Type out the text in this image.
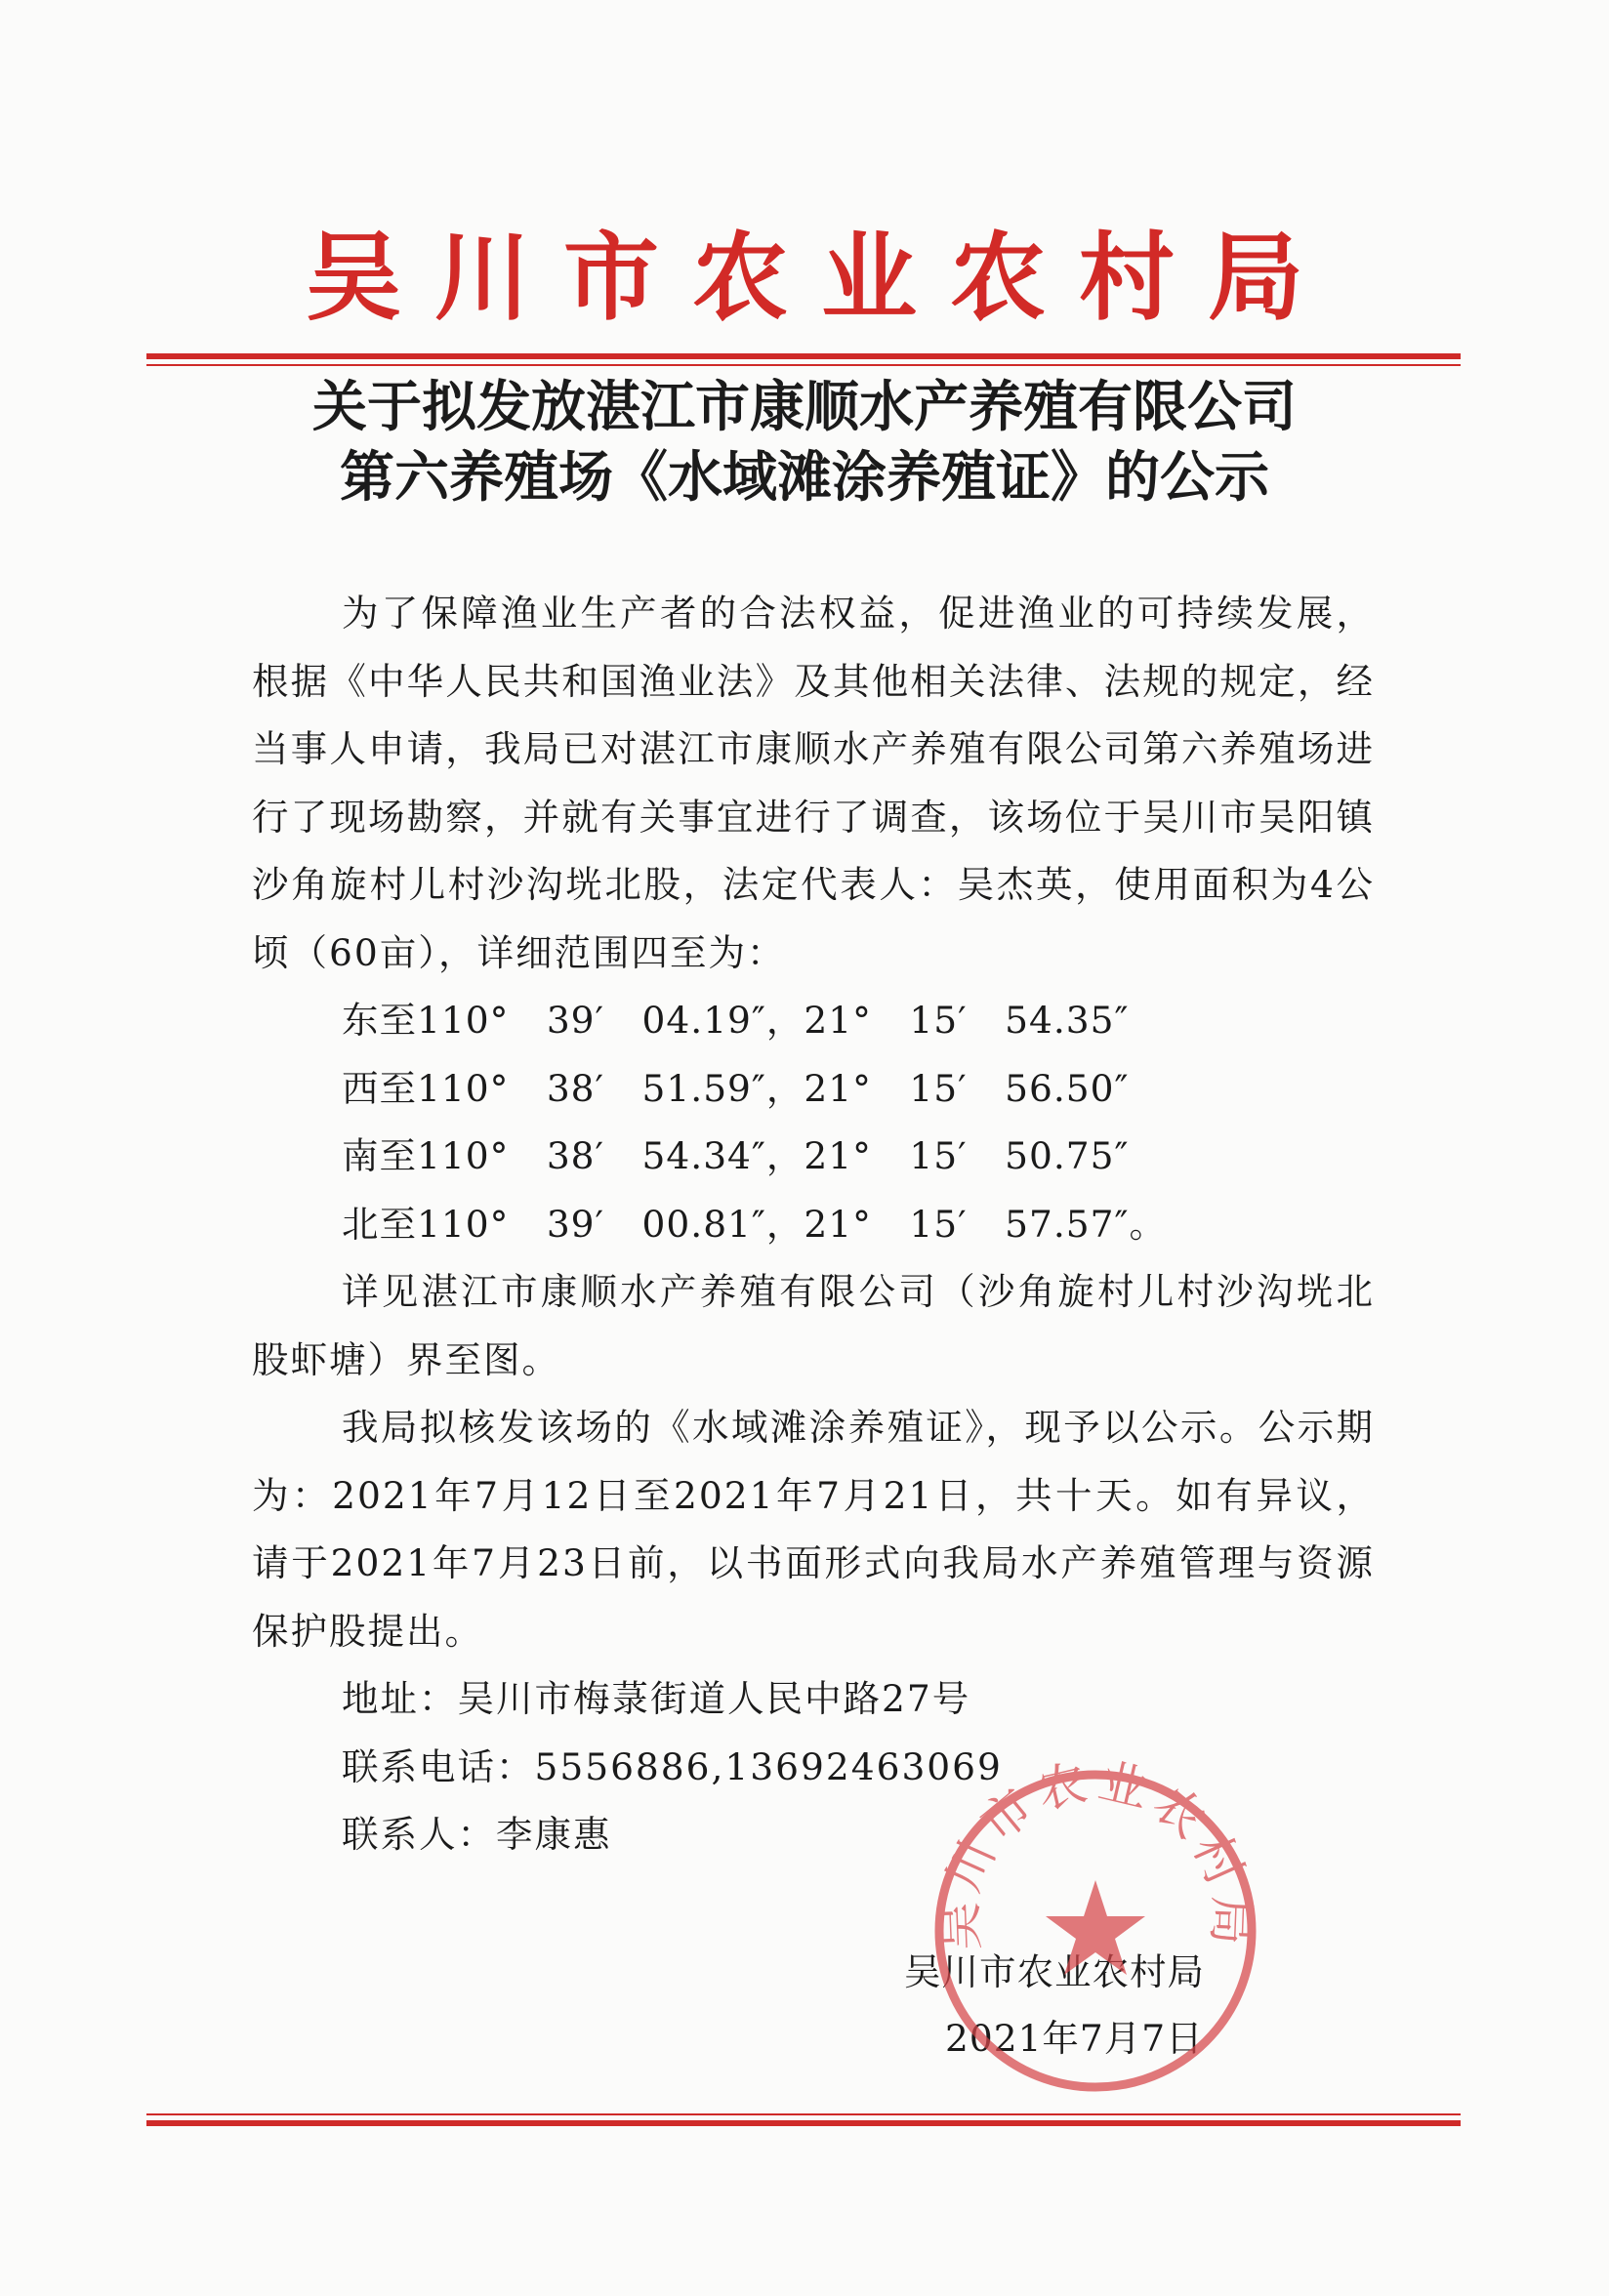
吴川市农业农村局
关于拟发放湛江市康顺水产养殖有限公司
第六养殖场《水域滩涂养殖证》的公示

为了保障渔业生产者的合法权益，促进渔业的可持续发展，根据《中华人民共和国渔业法》及其他相关法律、法规的规定，经当事人申请，我局已对湛江市康顺水产养殖有限公司第六养殖场进行了现场勘察，并就有关事宜进行了调查，该场位于吴川市吴阳镇沙角旋村儿村沙沟垙北股，法定代表人：吴杰英，使用面积为4公顷（60亩），详细范围四至为：

东至110°　39′　04.19″，21°　15′　54.35″

西至110°　38′　51.59″，21°　15′　56.50″

南至110°　38′　54.34″，21°　15′　50.75″

北至110°　39′　00.81″，21°　15′　57.57″。

详见湛江市康顺水产养殖有限公司（沙角旋村儿村沙沟垙北股虾塘）界至图。

我局拟核发该场的《水域滩涂养殖证》，现予以公示。公示期为：2021年7月12日至2021年7月21日，共十天。如有异议，请于2021年7月23日前，以书面形式向我局水产养殖管理与资源保护股提出。

地址：吴川市梅菉街道人民中路27号

联系电话：5556886,13692463069

联系人：李康惠

吴川市农业农村局
2021年7月7日
吴川市农业农村局
